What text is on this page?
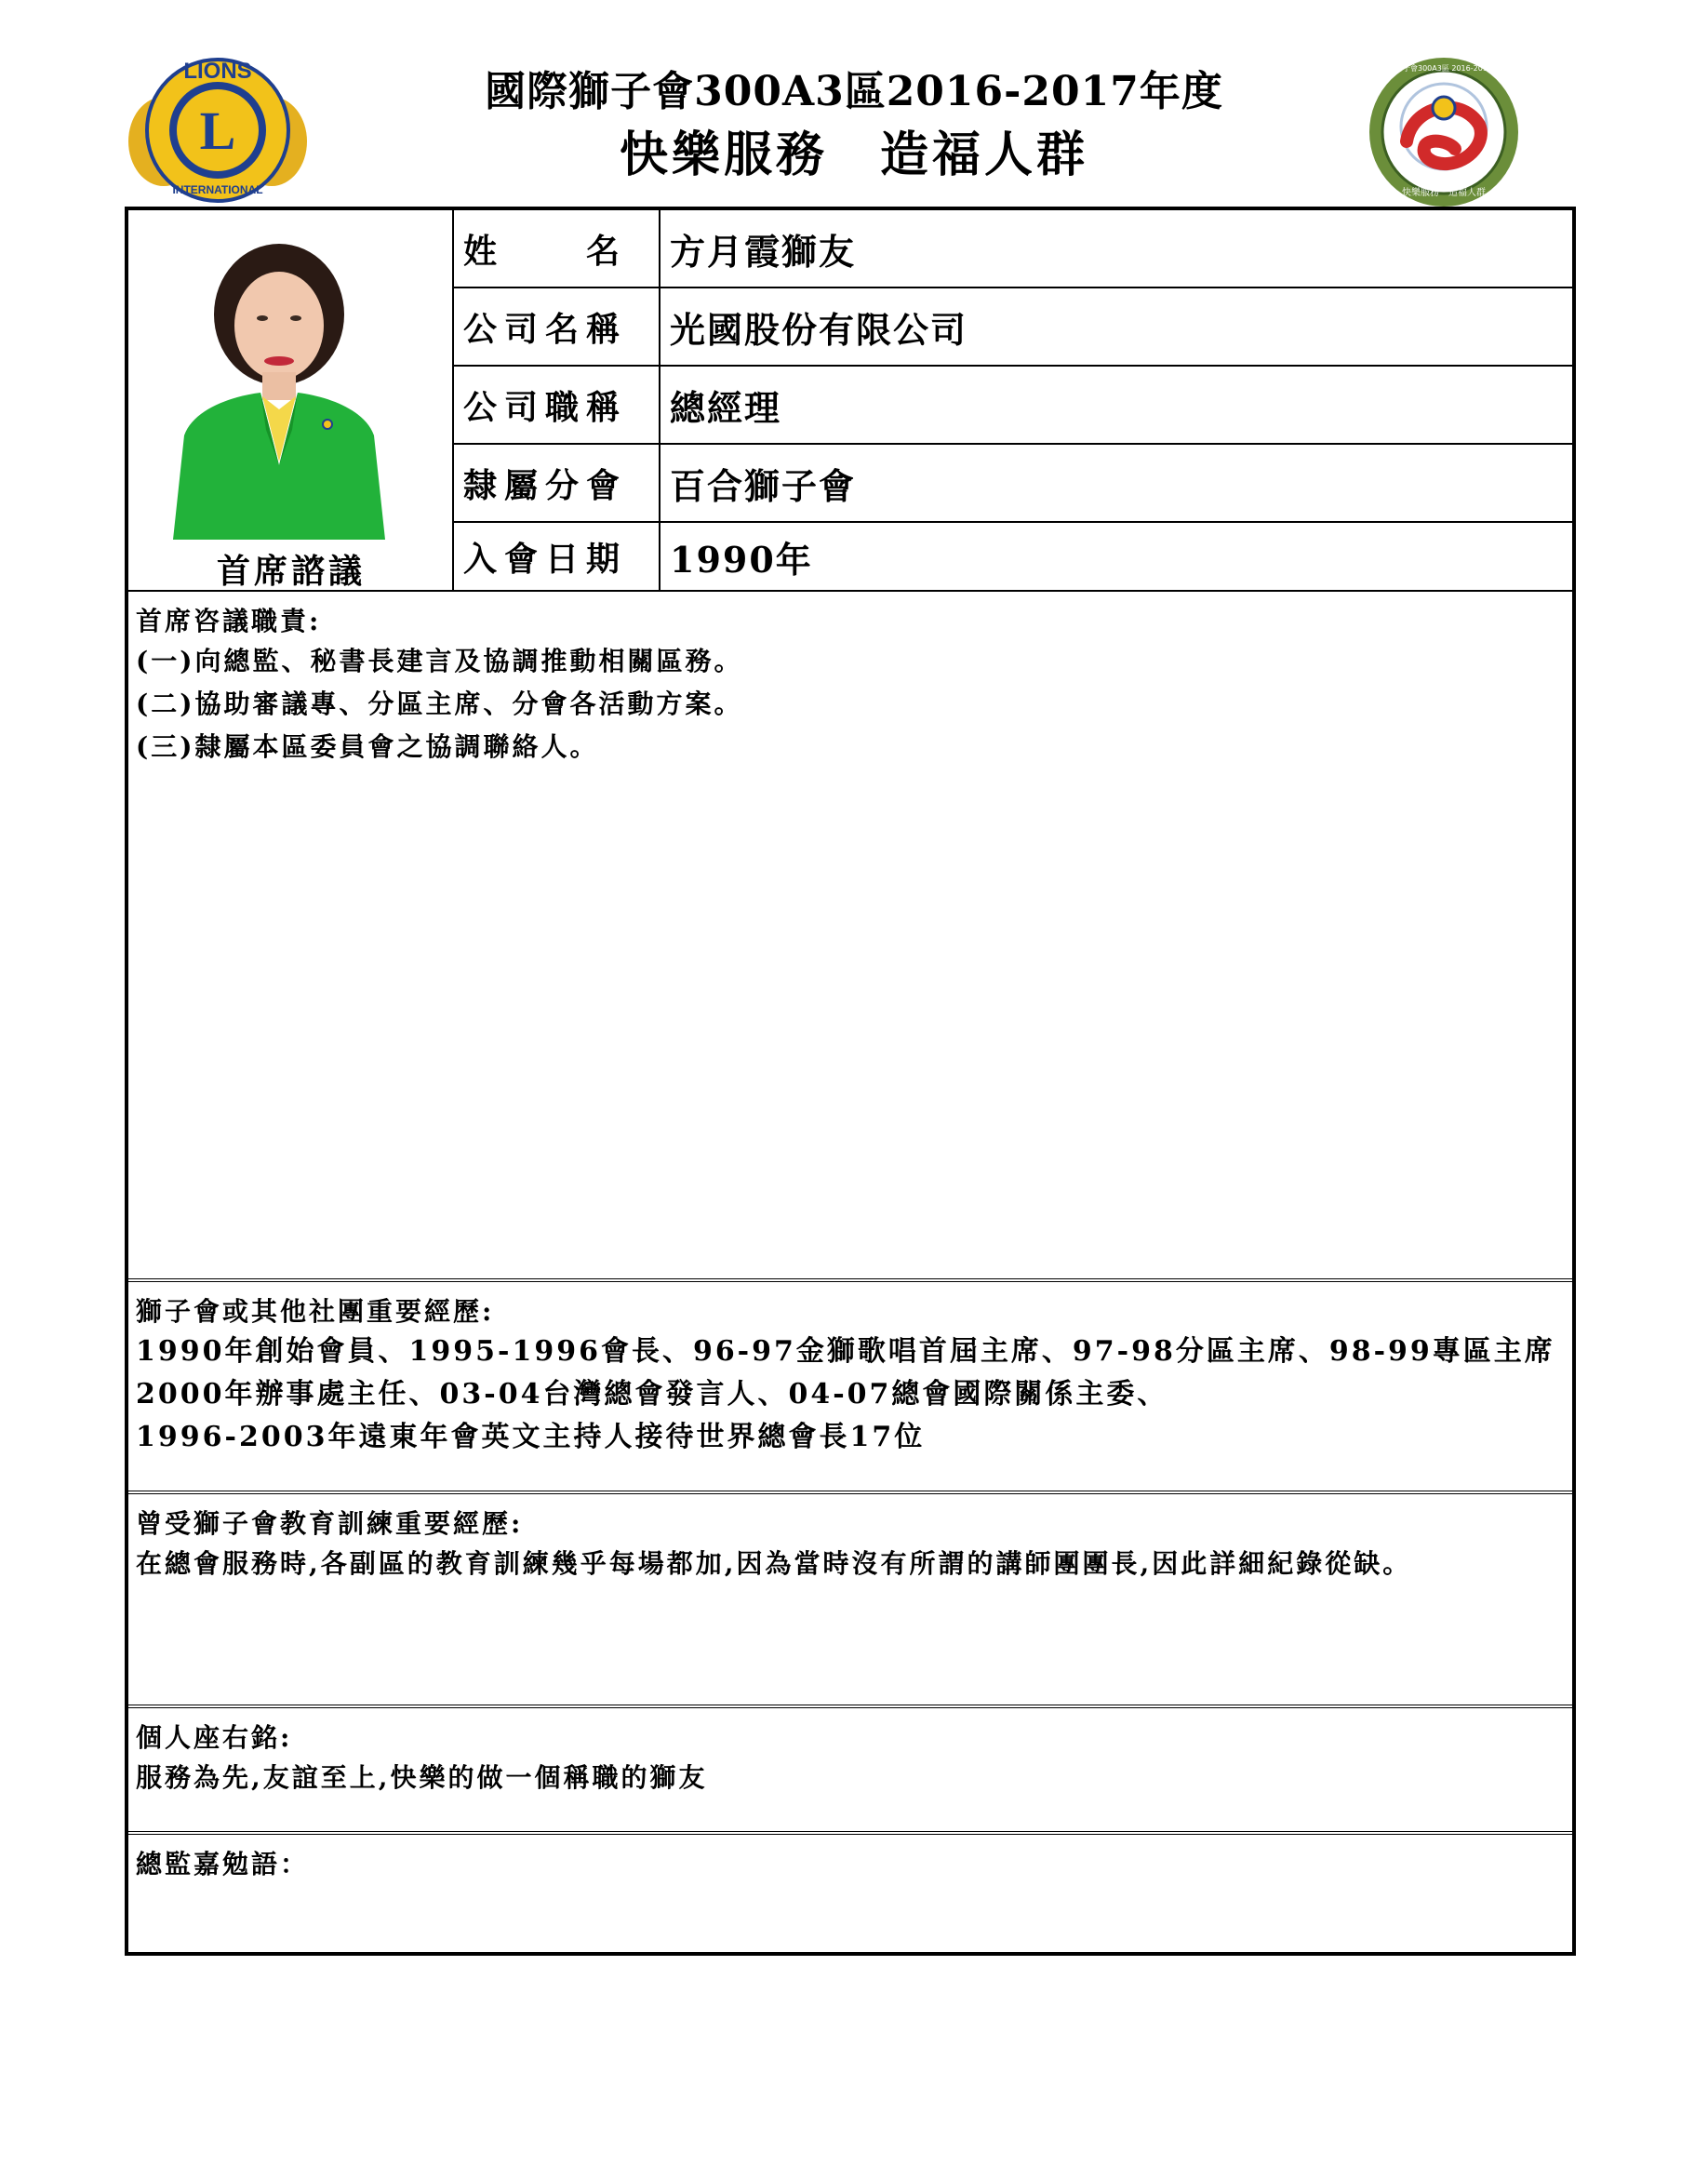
L
LIONS
INTERNATIONAL
國際獅子會300A3區2016-2017年度
快樂服務　造福人群
快樂服務　造福人群
國際獅子會300A3區 2016-2017年度
首席諮議
姓　　名	方月霞獅友
公司名稱	光國股份有限公司
公司職稱	總經理
隸屬分會	百合獅子會
入會日期	1990年
首席咨議職責:
(一)向總監、秘書長建言及協調推動相關區務。
(二)協助審議專、分區主席、分會各活動方案。
(三)隸屬本區委員會之協調聯絡人。
獅子會或其他社團重要經歷:
1990年創始會員、1995-1996會長、96-97金獅歌唱首屆主席、97-98分區主席、98-99專區主席
2000年辦事處主任、03-04台灣總會發言人、04-07總會國際關係主委、
1996-2003年遠東年會英文主持人接待世界總會長17位
曾受獅子會教育訓練重要經歷:
在總會服務時,各副區的教育訓練幾乎每場都加,因為當時沒有所謂的講師團團長,因此詳細紀錄從缺。
個人座右銘:
服務為先,友誼至上,快樂的做一個稱職的獅友
總監嘉勉語：
